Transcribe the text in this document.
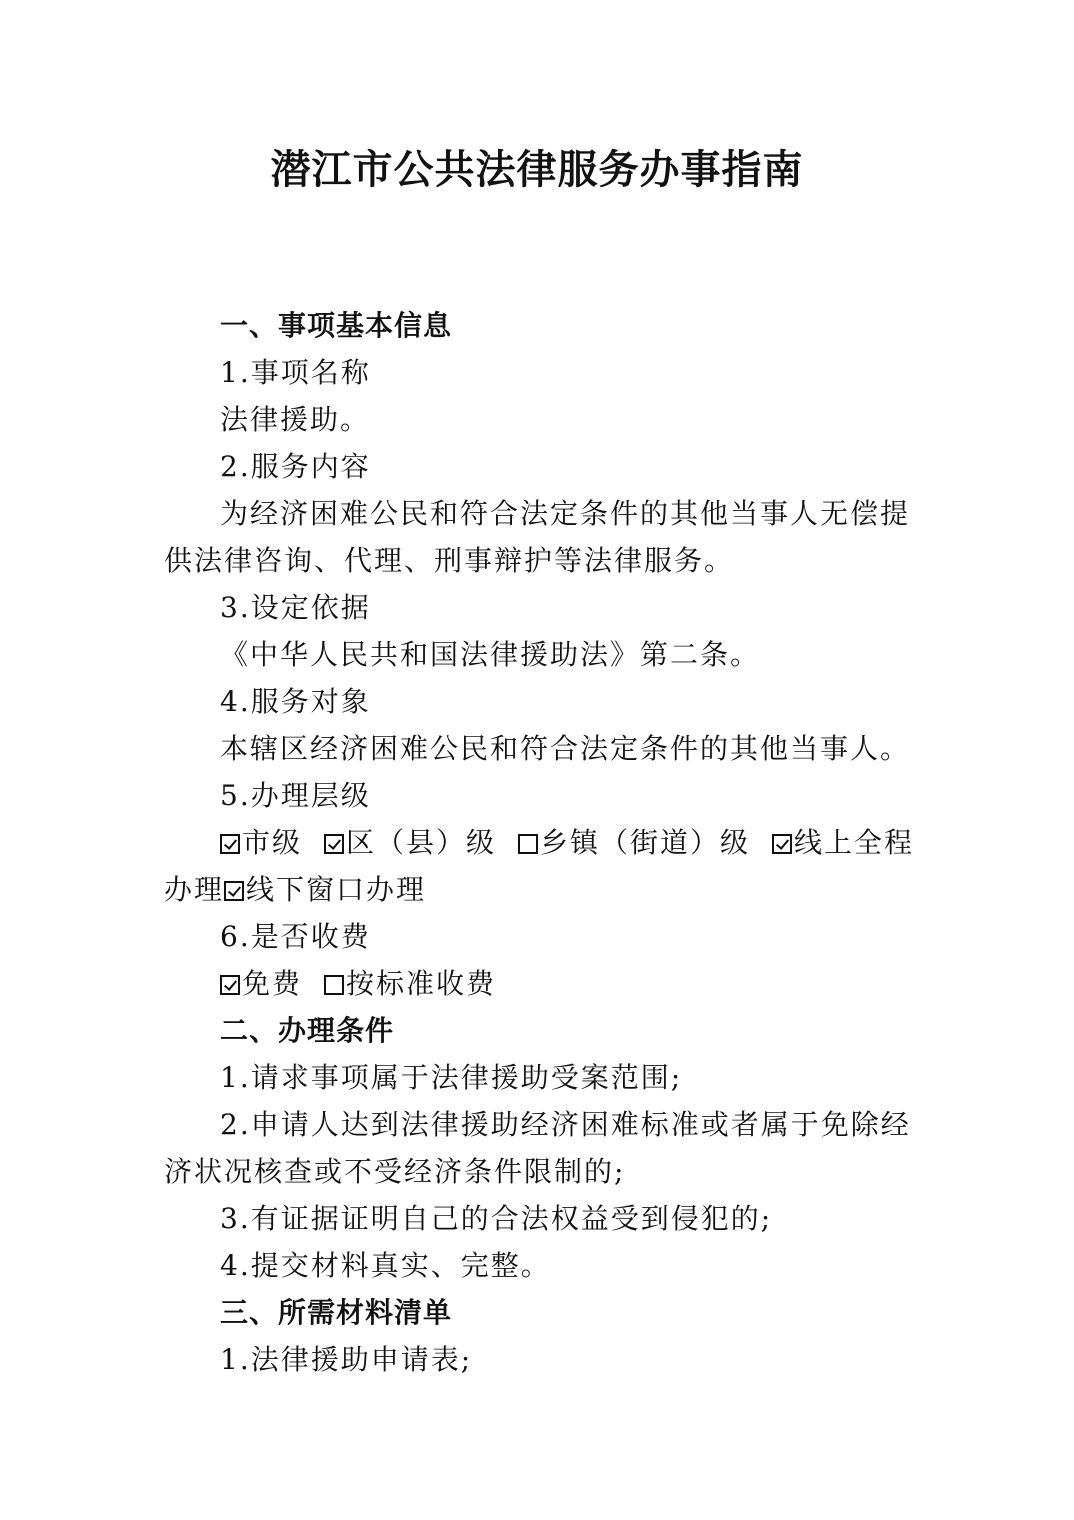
潜江市公共法律服务办事指南
一、事项基本信息
1.事项名称
法律援助。
2.服务内容
为经济困难公民和符合法定条件的其他当事人无偿提
供法律咨询、代理、刑事辩护等法律服务。
3.设定依据
《中华人民共和国法律援助法》第二条。
4.服务对象
本辖区经济困难公民和符合法定条件的其他当事人。
5.办理层级
市级 区（县）级 乡镇（街道）级 线上全程
办理 线下窗口办理
6.是否收费
免费 按标准收费
二、办理条件
1.请求事项属于法律援助受案范围;
2.申请人达到法律援助经济困难标准或者属于免除经
济状况核查或不受经济条件限制的;
3.有证据证明自己的合法权益受到侵犯的;
4.提交材料真实、完整。
三、所需材料清单
1.法律援助申请表;
